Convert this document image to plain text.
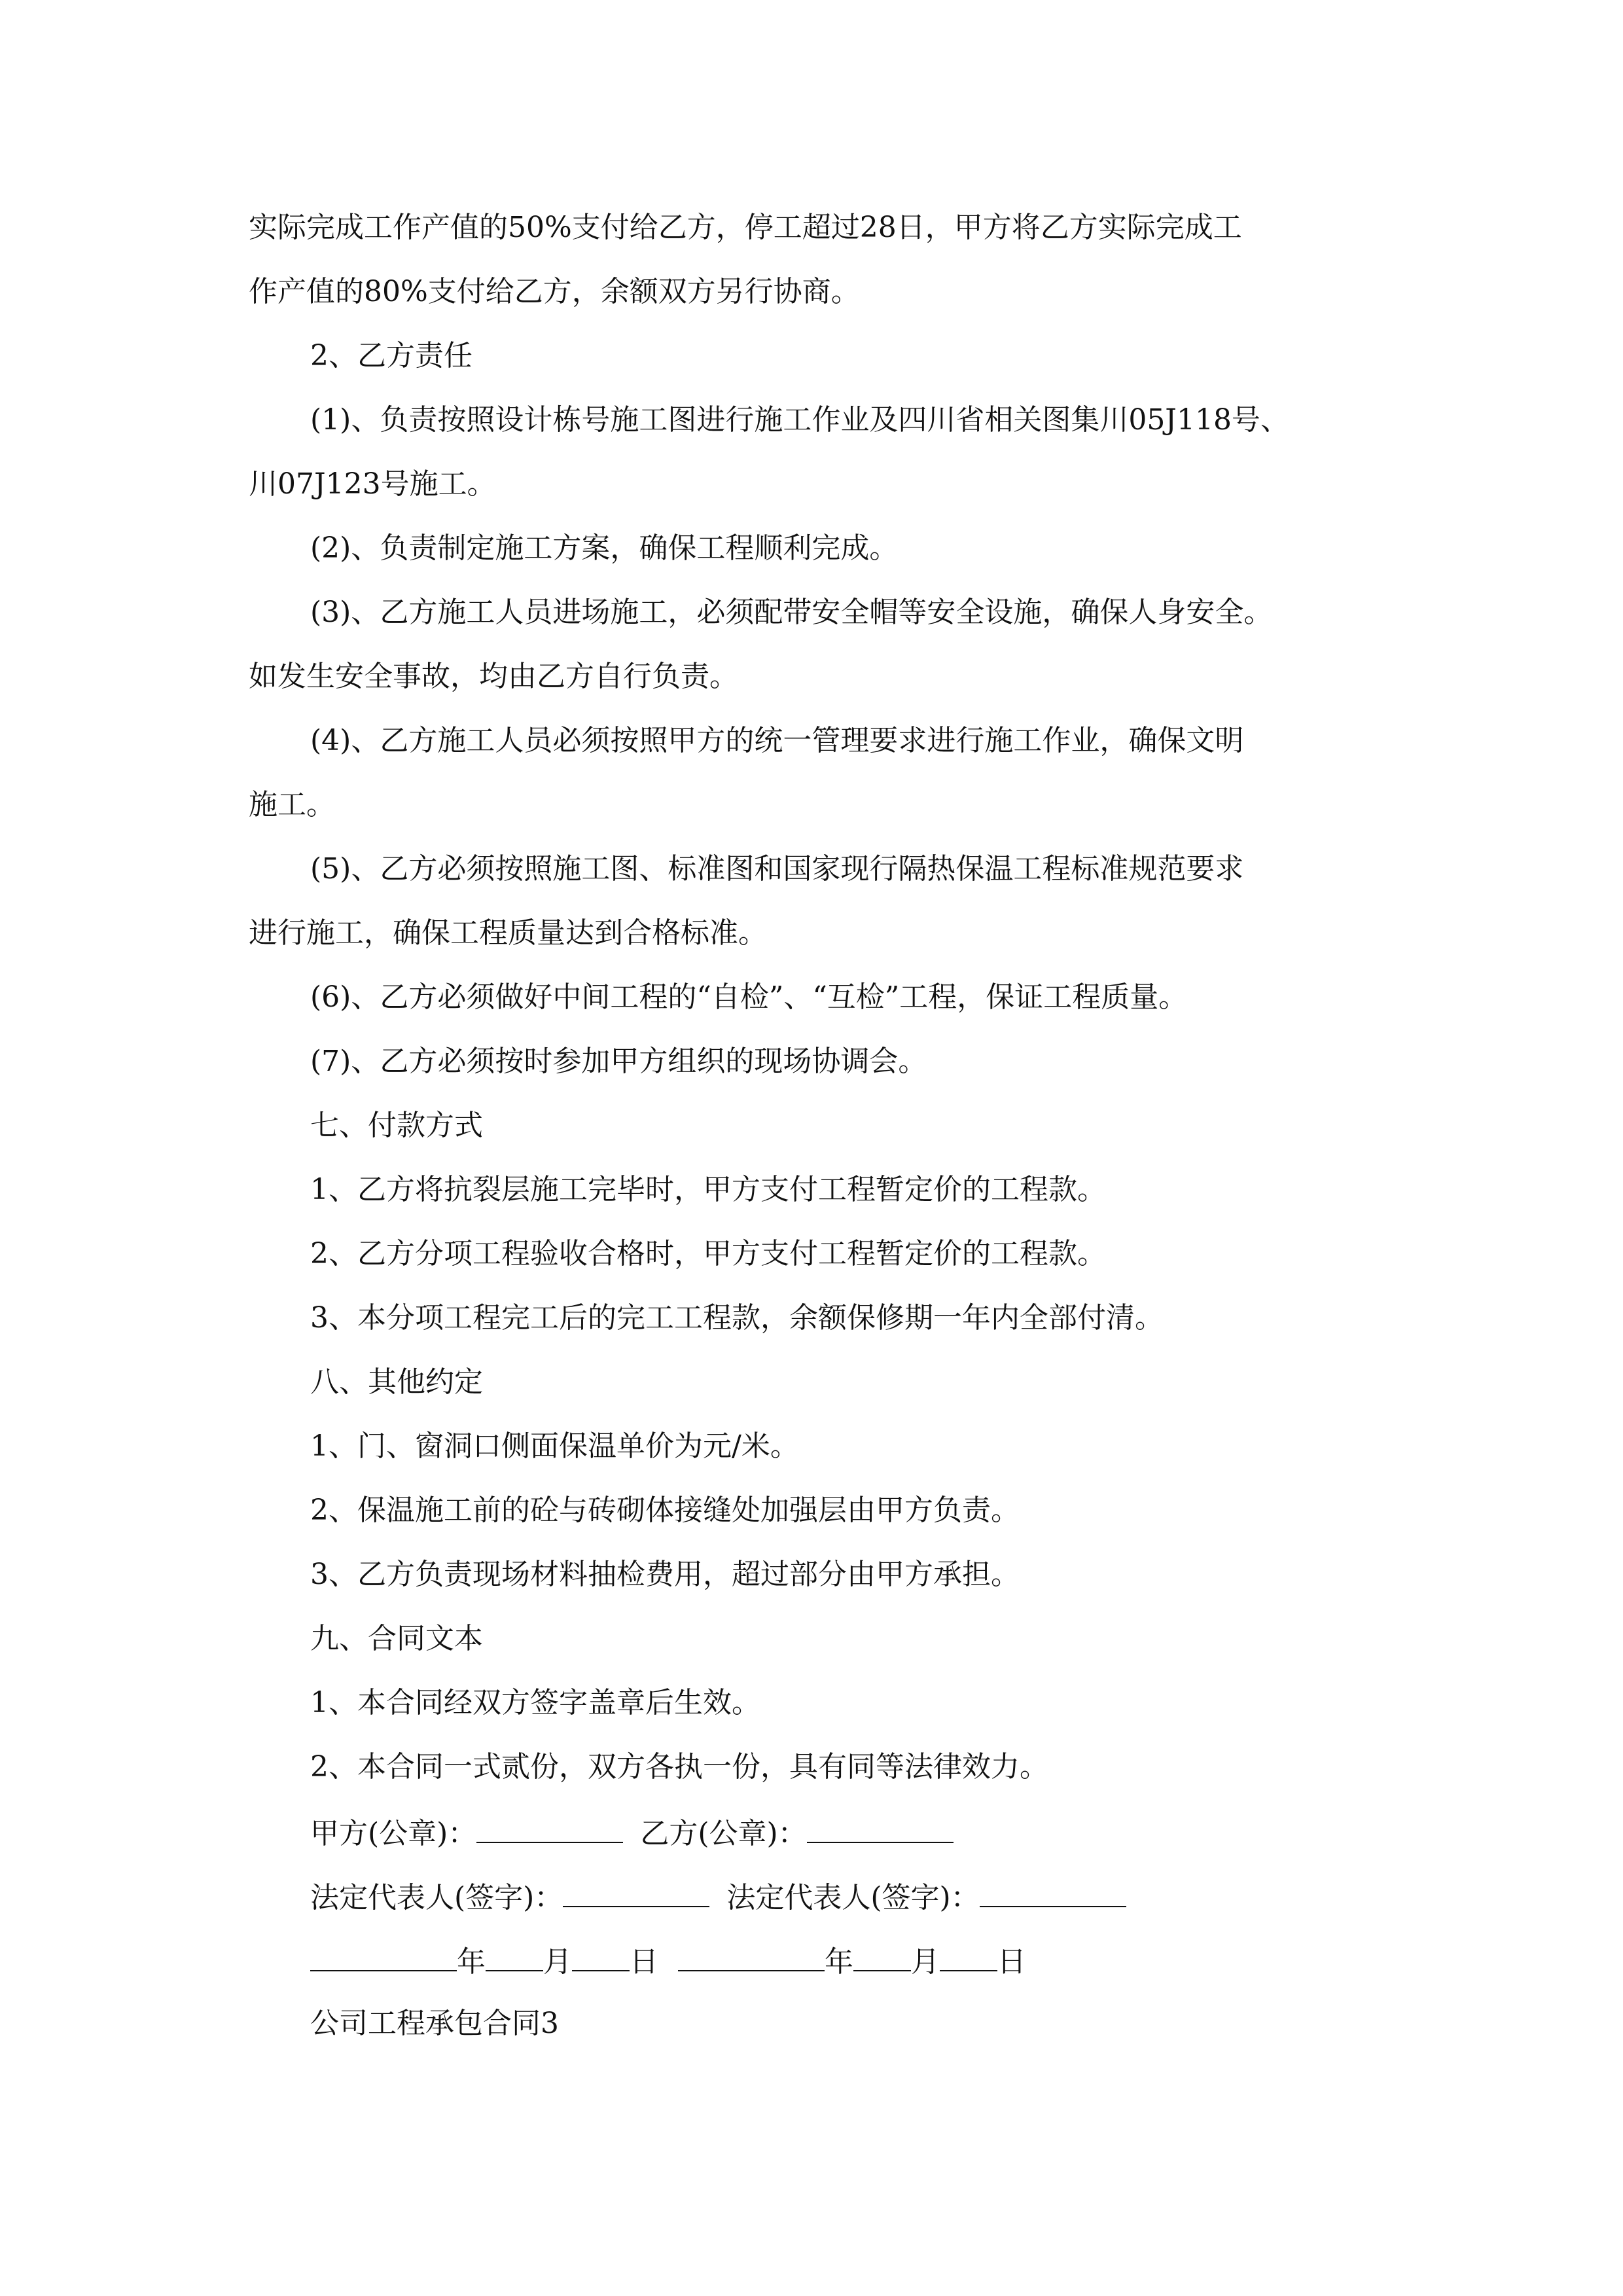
实际完成工作产值的50%支付给乙方，停工超过28日，甲方将乙方实际完成工
作产值的80%支付给乙方，余额双方另行协商。
2、乙方责任
(1)、负责按照设计栋号施工图进行施工作业及四川省相关图集川05J118号、
川07J123号施工。
(2)、负责制定施工方案，确保工程顺利完成。
(3)、乙方施工人员进场施工，必须配带安全帽等安全设施，确保人身安全。
如发生安全事故，均由乙方自行负责。
(4)、乙方施工人员必须按照甲方的统一管理要求进行施工作业，确保文明
施工。
(5)、乙方必须按照施工图、标准图和国家现行隔热保温工程标准规范要求
进行施工，确保工程质量达到合格标准。
(6)、乙方必须做好中间工程的“自检”、“互检”工程，保证工程质量。
(7)、乙方必须按时参加甲方组织的现场协调会。
七、付款方式
1、乙方将抗裂层施工完毕时，甲方支付工程暂定价的工程款。
2、乙方分项工程验收合格时，甲方支付工程暂定价的工程款。
3、本分项工程完工后的完工工程款，余额保修期一年内全部付清。
八、其他约定
1、门、窗洞口侧面保温单价为元/米。
2、保温施工前的砼与砖砌体接缝处加强层由甲方负责。
3、乙方负责现场材料抽检费用，超过部分由甲方承担。
九、合同文本
1、本合同经双方签字盖章后生效。
2、本合同一式贰份，双方各执一份，具有同等法律效力。
甲方(公章)：	乙方(公章)：
法定代表人(签字)：	法定代表人(签字)：
年 月 日	年 月 日
公司工程承包合同3
